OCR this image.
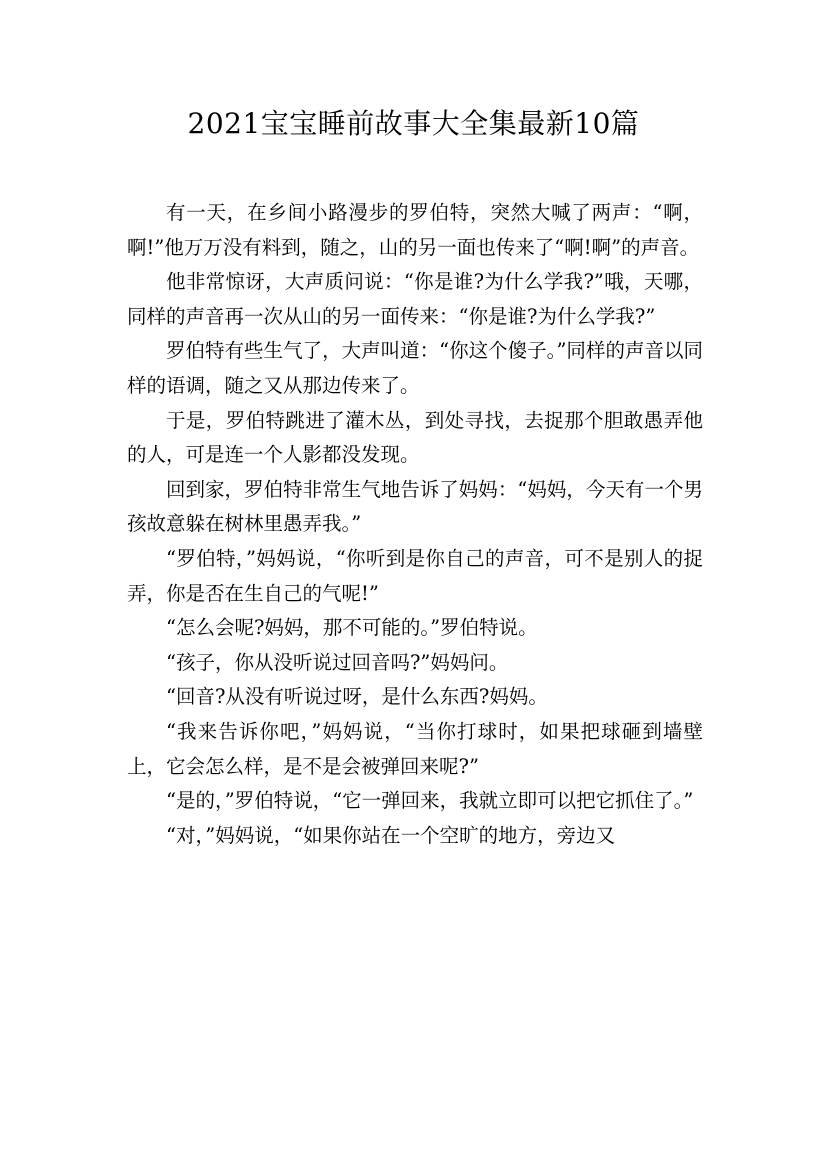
2021宝宝睡前故事大全集最新10篇

有一天，在乡间小路漫步的罗伯特，突然大喊了两声：“啊，啊!”他万万没有料到，随之，山的另一面也传来了“啊!啊”的声音。

他非常惊讶，大声质问说：“你是谁?为什么学我?”哦，天哪，同样的声音再一次从山的另一面传来：“你是谁?为什么学我?”

罗伯特有些生气了，大声叫道：“你这个傻子。”同样的声音以同样的语调，随之又从那边传来了。

于是，罗伯特跳进了灌木丛，到处寻找，去捉那个胆敢愚弄他的人，可是连一个人影都没发现。

回到家，罗伯特非常生气地告诉了妈妈：“妈妈，今天有一个男孩故意躲在树林里愚弄我。”

“罗伯特，”妈妈说，“你听到是你自己的声音，可不是别人的捉弄，你是否在生自己的气呢!”

“怎么会呢?妈妈，那不可能的。”罗伯特说。

“孩子，你从没听说过回音吗?”妈妈问。

“回音?从没有听说过呀，是什么东西?妈妈。

“我来告诉你吧，”妈妈说，“当你打球时，如果把球砸到墙壁上，它会怎么样，是不是会被弹回来呢?”

“是的，”罗伯特说，“它一弹回来，我就立即可以把它抓住了。”

“对，”妈妈说，“如果你站在一个空旷的地方，旁边又
